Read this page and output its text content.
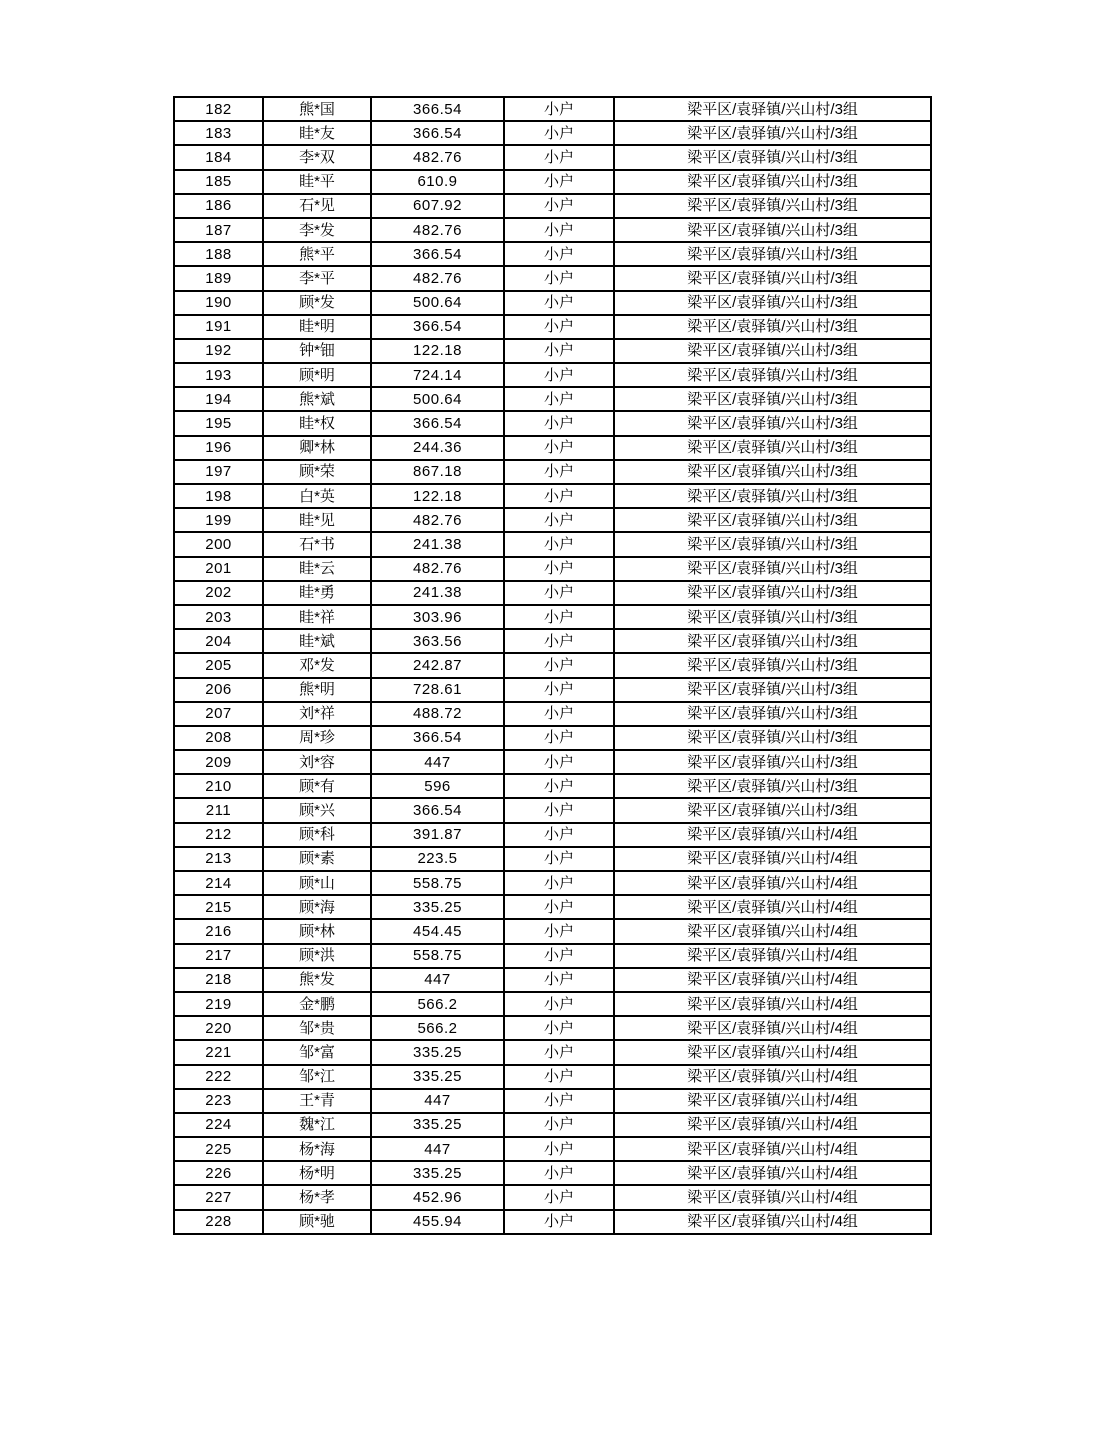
182	熊*国	366.54	小户	梁平区/袁驿镇/兴山村/3组
183	眭*友	366.54	小户	梁平区/袁驿镇/兴山村/3组
184	李*双	482.76	小户	梁平区/袁驿镇/兴山村/3组
185	眭*平	610.9	小户	梁平区/袁驿镇/兴山村/3组
186	石*见	607.92	小户	梁平区/袁驿镇/兴山村/3组
187	李*发	482.76	小户	梁平区/袁驿镇/兴山村/3组
188	熊*平	366.54	小户	梁平区/袁驿镇/兴山村/3组
189	李*平	482.76	小户	梁平区/袁驿镇/兴山村/3组
190	顾*发	500.64	小户	梁平区/袁驿镇/兴山村/3组
191	眭*明	366.54	小户	梁平区/袁驿镇/兴山村/3组
192	钟*钿	122.18	小户	梁平区/袁驿镇/兴山村/3组
193	顾*明	724.14	小户	梁平区/袁驿镇/兴山村/3组
194	熊*斌	500.64	小户	梁平区/袁驿镇/兴山村/3组
195	眭*权	366.54	小户	梁平区/袁驿镇/兴山村/3组
196	卿*林	244.36	小户	梁平区/袁驿镇/兴山村/3组
197	顾*荣	867.18	小户	梁平区/袁驿镇/兴山村/3组
198	白*英	122.18	小户	梁平区/袁驿镇/兴山村/3组
199	眭*见	482.76	小户	梁平区/袁驿镇/兴山村/3组
200	石*书	241.38	小户	梁平区/袁驿镇/兴山村/3组
201	眭*云	482.76	小户	梁平区/袁驿镇/兴山村/3组
202	眭*勇	241.38	小户	梁平区/袁驿镇/兴山村/3组
203	眭*祥	303.96	小户	梁平区/袁驿镇/兴山村/3组
204	眭*斌	363.56	小户	梁平区/袁驿镇/兴山村/3组
205	邓*发	242.87	小户	梁平区/袁驿镇/兴山村/3组
206	熊*明	728.61	小户	梁平区/袁驿镇/兴山村/3组
207	刘*祥	488.72	小户	梁平区/袁驿镇/兴山村/3组
208	周*珍	366.54	小户	梁平区/袁驿镇/兴山村/3组
209	刘*容	447	小户	梁平区/袁驿镇/兴山村/3组
210	顾*有	596	小户	梁平区/袁驿镇/兴山村/3组
211	顾*兴	366.54	小户	梁平区/袁驿镇/兴山村/3组
212	顾*科	391.87	小户	梁平区/袁驿镇/兴山村/4组
213	顾*素	223.5	小户	梁平区/袁驿镇/兴山村/4组
214	顾*山	558.75	小户	梁平区/袁驿镇/兴山村/4组
215	顾*海	335.25	小户	梁平区/袁驿镇/兴山村/4组
216	顾*林	454.45	小户	梁平区/袁驿镇/兴山村/4组
217	顾*洪	558.75	小户	梁平区/袁驿镇/兴山村/4组
218	熊*发	447	小户	梁平区/袁驿镇/兴山村/4组
219	金*鹏	566.2	小户	梁平区/袁驿镇/兴山村/4组
220	邹*贵	566.2	小户	梁平区/袁驿镇/兴山村/4组
221	邹*富	335.25	小户	梁平区/袁驿镇/兴山村/4组
222	邹*江	335.25	小户	梁平区/袁驿镇/兴山村/4组
223	王*青	447	小户	梁平区/袁驿镇/兴山村/4组
224	魏*江	335.25	小户	梁平区/袁驿镇/兴山村/4组
225	杨*海	447	小户	梁平区/袁驿镇/兴山村/4组
226	杨*明	335.25	小户	梁平区/袁驿镇/兴山村/4组
227	杨*孝	452.96	小户	梁平区/袁驿镇/兴山村/4组
228	顾*驰	455.94	小户	梁平区/袁驿镇/兴山村/4组
